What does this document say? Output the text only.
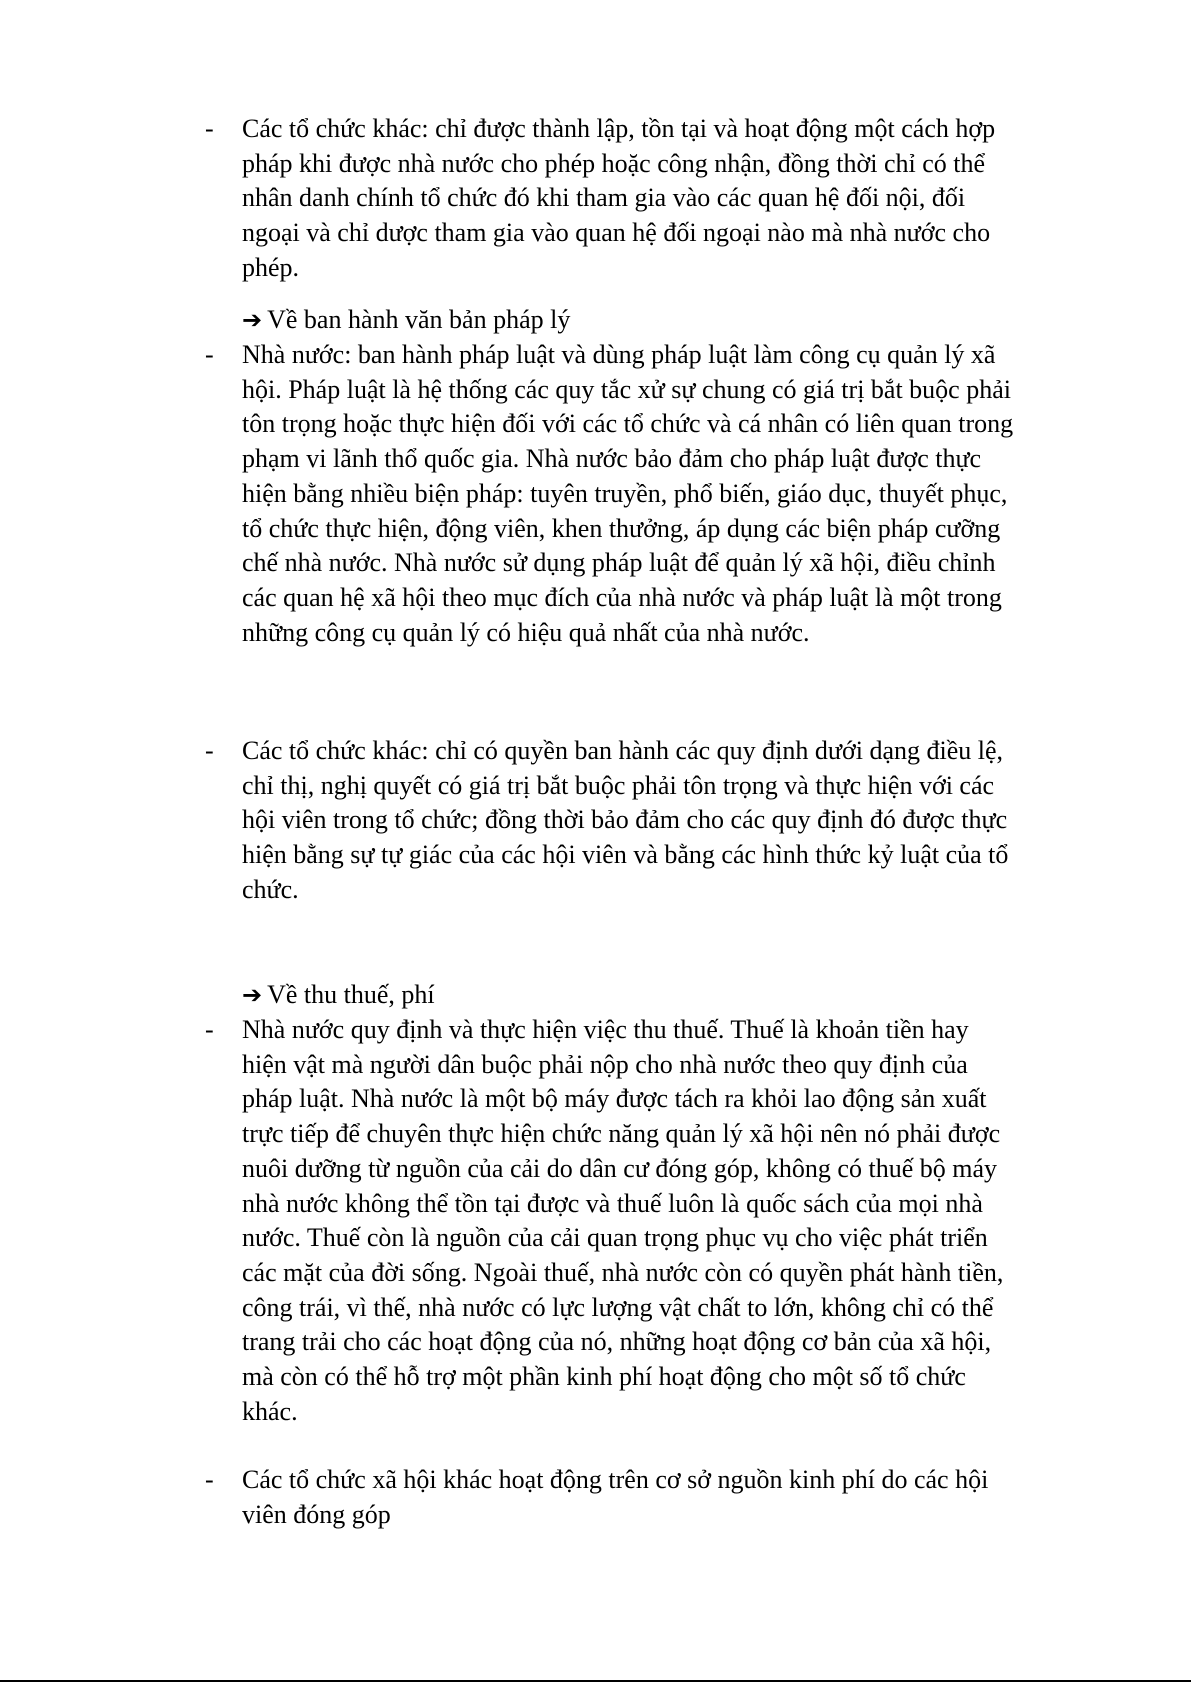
- Các tổ chức khác: chỉ được thành lập, tồn tại và hoạt động một cách hợp
pháp khi được nhà nước cho phép hoặc công nhận, đồng thời chỉ có thể
nhân danh chính tổ chức đó khi tham gia vào các quan hệ đối nội, đối
ngoại và chỉ dược tham gia vào quan hệ đối ngoại nào mà nhà nước cho
phép.
➔ Về ban hành văn bản pháp lý
- Nhà nước: ban hành pháp luật và dùng pháp luật làm công cụ quản lý xã
hội. Pháp luật là hệ thống các quy tắc xử sự chung có giá trị bắt buộc phải
tôn trọng hoặc thực hiện đối với các tổ chức và cá nhân có liên quan trong
phạm vi lãnh thổ quốc gia. Nhà nước bảo đảm cho pháp luật được thực
hiện bằng nhiều biện pháp: tuyên truyền, phổ biến, giáo dục, thuyết phục,
tổ chức thực hiện, động viên, khen thưởng, áp dụng các biện pháp cưỡng
chế nhà nước. Nhà nước sử dụng pháp luật để quản lý xã hội, điều chỉnh
các quan hệ xã hội theo mục đích của nhà nước và pháp luật là một trong
những công cụ quản lý có hiệu quả nhất của nhà nước.
- Các tổ chức khác: chỉ có quyền ban hành các quy định dưới dạng điều lệ,
chỉ thị, nghị quyết có giá trị bắt buộc phải tôn trọng và thực hiện với các
hội viên trong tổ chức; đồng thời bảo đảm cho các quy định đó được thực
hiện bằng sự tự giác của các hội viên và bằng các hình thức kỷ luật của tổ
chức.
➔ Về thu thuế, phí
- Nhà nước quy định và thực hiện việc thu thuế. Thuế là khoản tiền hay
hiện vật mà người dân buộc phải nộp cho nhà nước theo quy định của
pháp luật. Nhà nước là một bộ máy được tách ra khỏi lao động sản xuất
trực tiếp để chuyên thực hiện chức năng quản lý xã hội nên nó phải được
nuôi dưỡng từ nguồn của cải do dân cư đóng góp, không có thuế bộ máy
nhà nước không thể tồn tại được và thuế luôn là quốc sách của mọi nhà
nước. Thuế còn là nguồn của cải quan trọng phục vụ cho việc phát triển
các mặt của đời sống. Ngoài thuế, nhà nước còn có quyền phát hành tiền,
công trái, vì thế, nhà nước có lực lượng vật chất to lớn, không chỉ có thể
trang trải cho các hoạt động của nó, những hoạt động cơ bản của xã hội,
mà còn có thể hỗ trợ một phần kinh phí hoạt động cho một số tổ chức
khác.
- Các tổ chức xã hội khác hoạt động trên cơ sở nguồn kinh phí do các hội
viên đóng góp
